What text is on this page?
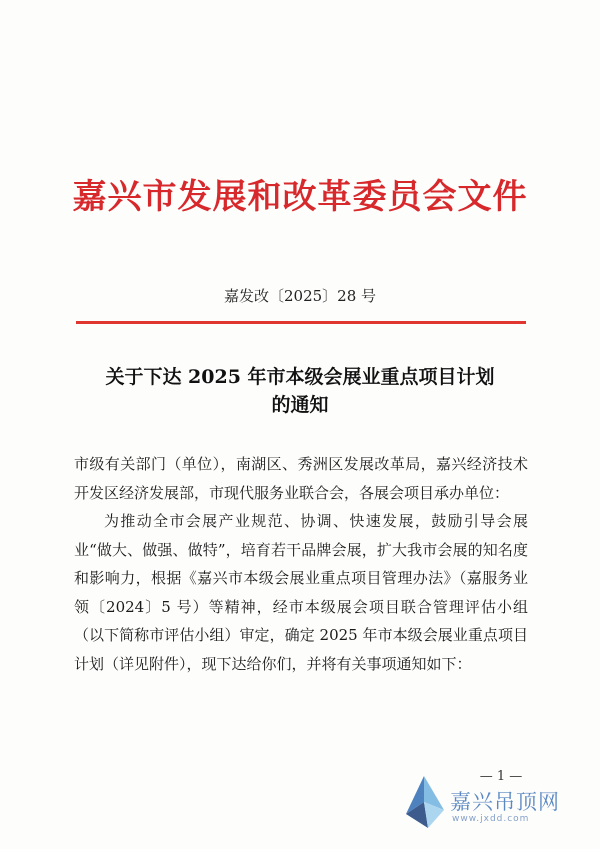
嘉兴市发展和改革委员会文件
嘉发改〔2025〕28 号
关于下达 2025 年市本级会展业重点项目计划
的通知

市级有关部门（单位），南湖区、秀洲区发展改革局，嘉兴经济技术开发区经济发展部，市现代服务业联合会，各展会项目承办单位：

为推动全市会展产业规范、协调、快速发展，鼓励引导会展业“做大、做强、做特”，培育若干品牌会展，扩大我市会展的知名度和影响力，根据《嘉兴市本级会展业重点项目管理办法》（嘉服务业领〔2024〕5 号）等精神，经市本级展会项目联合管理评估小组（以下简称市评估小组）审定，确定 2025 年市本级会展业重点项目计划（详见附件），现下达给你们，并将有关事项通知如下：

— 1 —
嘉兴吊顶网
www.jxdd.com
